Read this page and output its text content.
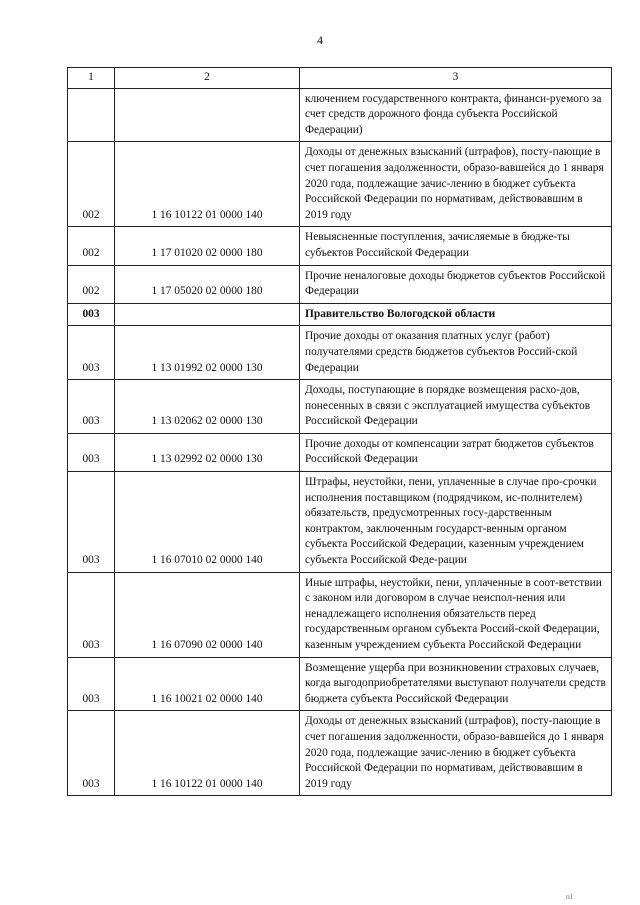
4
1	2	3
		ключением государственного контракта, финанси-руемого за счет средств дорожного фонда субъекта Российской Федерации)
002	1 16 10122 01 0000 140	Доходы от денежных взысканий (штрафов), посту-пающие в счет погашения задолженности, образо-вавшейся до 1 января 2020 года, подлежащие зачис-лению в бюджет субъекта Российской Федерации по нормативам, действовавшим в 2019 году
002	1 17 01020 02 0000 180	Невыясненные поступления, зачисляемые в бюдже-ты субъектов Российской Федерации
002	1 17 05020 02 0000 180	Прочие неналоговые доходы бюджетов субъектов Российской Федерации
003		Правительство Вологодской области
003	1 13 01992 02 0000 130	Прочие доходы от оказания платных услуг (работ) получателями средств бюджетов субъектов Россий-ской Федерации
003	1 13 02062 02 0000 130	Доходы, поступающие в порядке возмещения расхо-дов, понесенных в связи с эксплуатацией имущества субъектов Российской Федерации
003	1 13 02992 02 0000 130	Прочие доходы от компенсации затрат бюджетов субъектов Российской Федерации
003	1 16 07010 02 0000 140	Штрафы, неустойки, пени, уплаченные в случае про-срочки исполнения поставщиком (подрядчиком, ис-полнителем) обязательств, предусмотренных госу-дарственным контрактом, заключенным государст-венным органом субъекта Российской Федерации, казенным учреждением субъекта Российской Феде-рации
003	1 16 07090 02 0000 140	Иные штрафы, неустойки, пени, уплаченные в соот-ветствии с законом или договором в случае неиспол-нения или ненадлежащего исполнения обязательств перед государственным органом субъекта Россий-ской Федерации, казенным учреждением субъекта Российской Федерации
003	1 16 10021 02 0000 140	Возмещение ущерба при возникновении страховых случаев, когда выгодоприобретателями выступают получатели средств бюджета субъекта Российской Федерации
003	1 16 10122 01 0000 140	Доходы от денежных взысканий (штрафов), посту-пающие в счет погашения задолженности, образо-вавшейся до 1 января 2020 года, подлежащие зачис-лению в бюджет субъекта Российской Федерации по нормативам, действовавшим в 2019 году
п1
